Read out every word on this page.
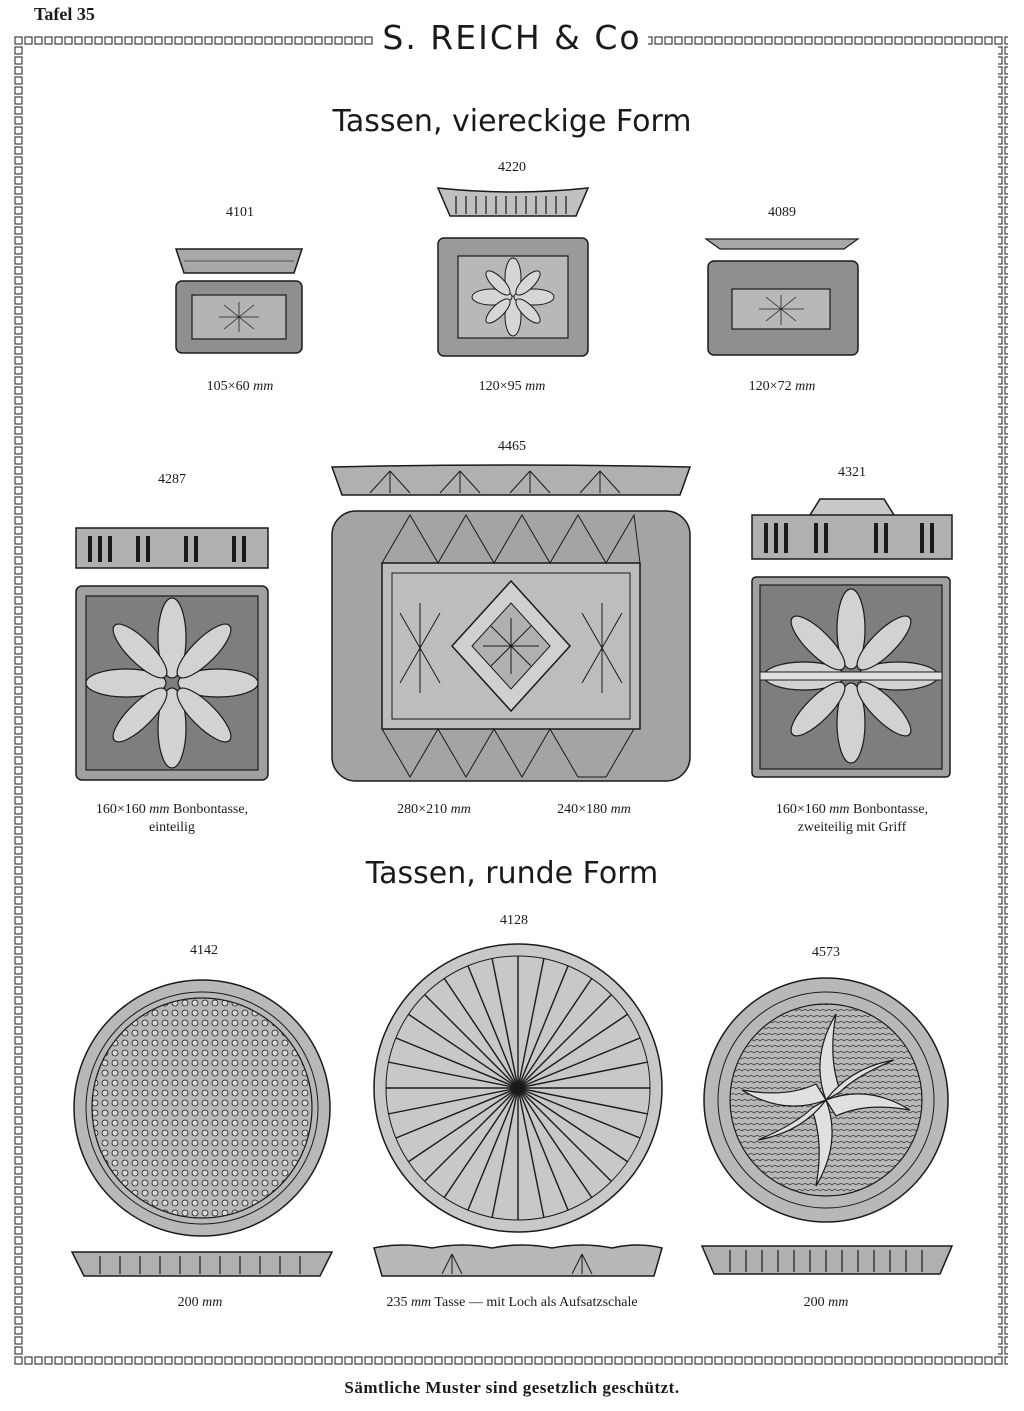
Tafel 35
S. REICH & Co
Tassen, viereckige Form
Tassen, runde Form
4101
105×60 mm
4220
120×95 mm
4089
120×72 mm
4287
160×160 mm Bonbontasse,
einteilig
4465
280×210 mm	240×180 mm
4321
160×160 mm Bonbontasse,
zweiteilig mit Griff
4142
200 mm
4128
235 mm Tasse — mit Loch als Aufsatzschale
4573
200 mm
Sämtliche Muster sind gesetzlich geschützt.
